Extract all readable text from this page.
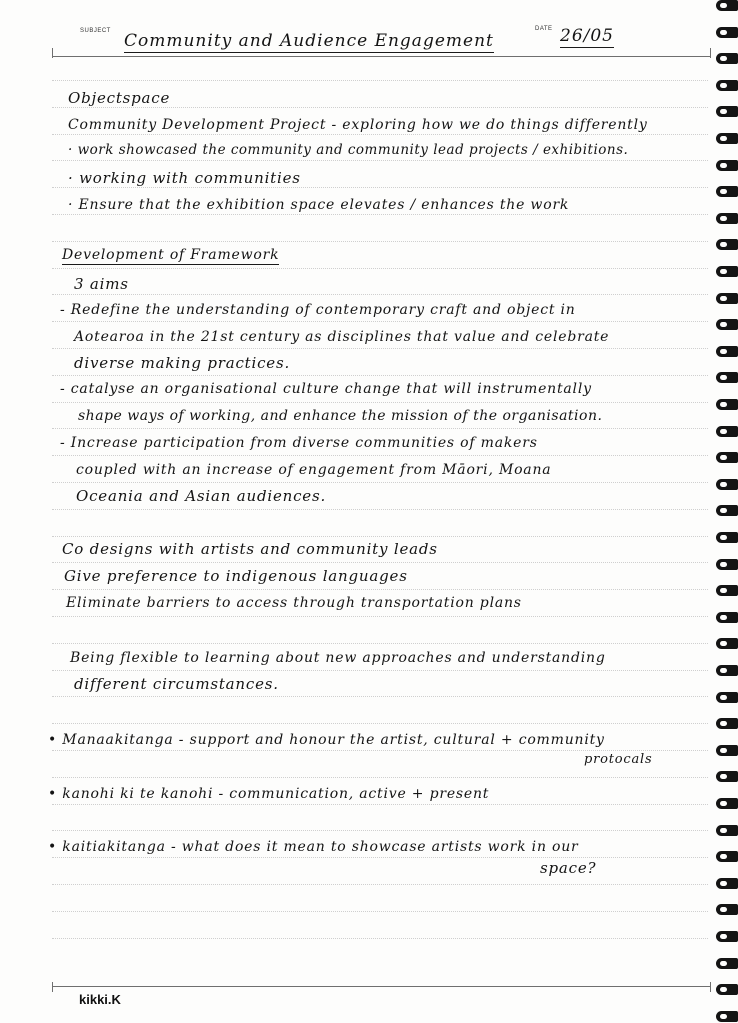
SUBJECT	DATE
Community and Audience Engagement	26/05
Objectspace
Community Development Project - exploring how we do things differently
· work showcased the community and community lead projects / exhibitions.
· working with communities
· Ensure that the exhibition space elevates / enhances the work
Development of Framework
3 aims
- Redefine the understanding of contemporary craft and object in
Aotearoa in the 21st century as disciplines that value and celebrate
diverse making practices.
- catalyse an organisational culture change that will instrumentally
shape ways of working, and enhance the mission of the organisation.
- Increase participation from diverse communities of makers
coupled with an increase of engagement from Māori, Moana
Oceania and Asian audiences.
Co designs with artists and community leads
Give preference to indigenous languages
Eliminate barriers to access through transportation plans
Being flexible to learning about new approaches and understanding
different circumstances.
• Manaakitanga - support and honour the artist, cultural + community
protocals
• kanohi ki te kanohi - communication, active + present
• kaitiakitanga - what does it mean to showcase artists work in our
space?
kikki.K
